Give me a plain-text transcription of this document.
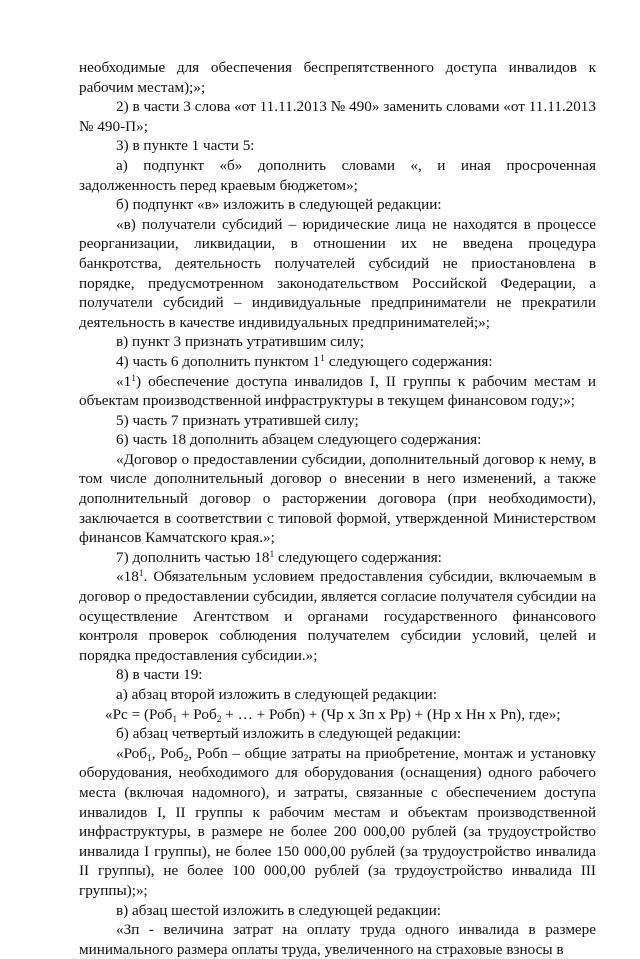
необходимые для обеспечения беспрепятственного доступа инвалидов к рабочим местам);»;

2) в части 3 слова «от 11.11.2013 № 490» заменить словами «от 11.11.2013 № 490-П»;

3) в пункте 1 части 5:

а) подпункт «б» дополнить словами «, и иная просроченная задолженность перед краевым бюджетом»;

б) подпункт «в» изложить в следующей редакции:

«в) получатели субсидий – юридические лица не находятся в процессе реорганизации, ликвидации, в отношении их не введена процедура банкротства, деятельность получателей субсидий не приостановлена в порядке, предусмотренном законодательством Российской Федерации, а получатели субсидий – индивидуальные предприниматели не прекратили деятельность в качестве индивидуальных предпринимателей;»;

в) пункт 3 признать утратившим силу;

4) часть 6 дополнить пунктом $1^1$ следующего содержания:

«$1^1$) обеспечение доступа инвалидов I, II группы к рабочим местам и объектам производственной инфраструктуры в текущем финансовом году;»;

5) часть 7 признать утратившей силу;

6) часть 18 дополнить абзацем следующего содержания:

«Договор о предоставлении субсидии, дополнительный договор к нему, в том числе дополнительный договор о внесении в него изменений, а также дополнительный договор о расторжении договора (при необходимости), заключается в соответствии с типовой формой, утвержденной Министерством финансов Камчатского края.»;

7) дополнить частью $18^1$ следующего содержания:

«$18^1$. Обязательным условием предоставления субсидии, включаемым в договор о предоставлении субсидии, является согласие получателя субсидии на осуществление Агентством и органами государственного финансового контроля проверок соблюдения получателем субсидии условий, целей и порядка предоставления субсидии.»;

8) в части 19:

а) абзац второй изложить в следующей редакции:

«Рс = (Роб$_1$ + Роб$_2$ + … + Робn) + (Чр х Зп х Рр) + (Нр х Нн х Рn), где»;

б) абзац четвертый изложить в следующей редакции:

«Роб$_1$, Роб$_2$, Робn – общие затраты на приобретение, монтаж и установку оборудования, необходимого для оборудования (оснащения) одного рабочего места (включая надомного), и затраты, связанные с обеспечением доступа инвалидов I, II группы к рабочим местам и объектам производственной инфраструктуры, в размере не более 200 000,00 рублей (за трудоустройство инвалида I группы), не более 150 000,00 рублей (за трудоустройство инвалида II группы), не более 100 000,00 рублей (за трудоустройство инвалида III группы);»;

в) абзац шестой изложить в следующей редакции:

«Зп - величина затрат на оплату труда одного инвалида в размере минимального размера оплаты труда, увеличенного на страховые взносы в
